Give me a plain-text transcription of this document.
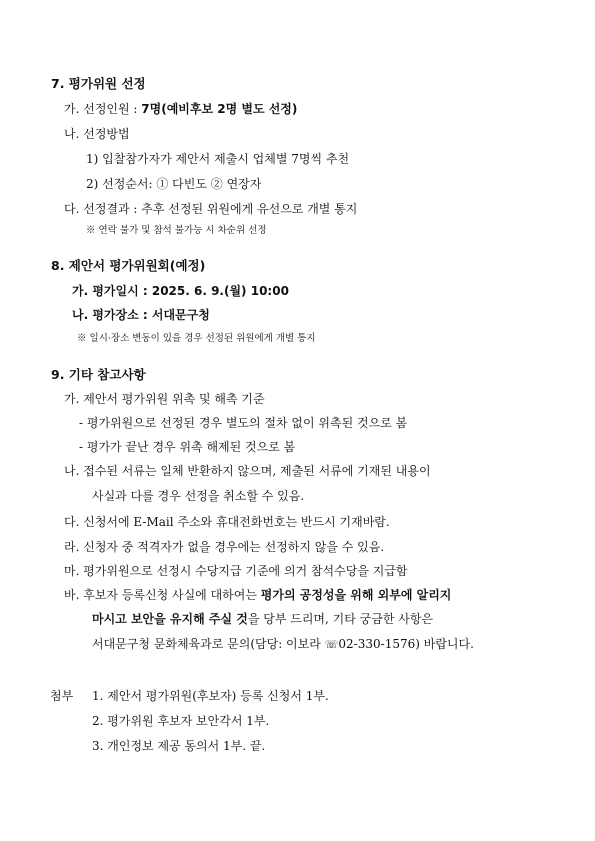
7. 평가위원 선정
가. 선정인원 : 7명(예비후보 2명 별도 선정)
나. 선정방법
1) 입찰참가자가 제안서 제출시 업체별 7명씩 추천
2) 선정순서: ① 다빈도 ② 연장자
다. 선정결과 : 추후 선정된 위원에게 유선으로 개별 통지
※ 연락 불가 및 참석 불가능 시 차순위 선정
8. 제안서 평가위원회(예정)
가. 평가일시 : 2025. 6. 9.(월) 10:00
나. 평가장소 : 서대문구청
※ 일시·장소 변동이 있을 경우 선정된 위원에게 개별 통지
9. 기타 참고사항
가. 제안서 평가위원 위촉 및 해촉 기준
- 평가위원으로 선정된 경우 별도의 절차 없이 위촉된 것으로 봄
- 평가가 끝난 경우 위촉 해제된 것으로 봄
나. 접수된 서류는 일체 반환하지 않으며, 제출된 서류에 기재된 내용이
사실과 다를 경우 선정을 취소할 수 있음.
다. 신청서에 E-Mail 주소와 휴대전화번호는 반드시 기재바람.
라. 신청자 중 적격자가 없을 경우에는 선정하지 않을 수 있음.
마. 평가위원으로 선정시 수당지급 기준에 의거 참석수당을 지급함
바. 후보자 등록신청 사실에 대하여는 평가의 공정성을 위해 외부에 알리지
마시고 보안을 유지해 주실 것을 당부 드리며, 기타 궁금한 사항은
서대문구청 문화체육과로 문의(담당: 이보라 ☏02-330-1576) 바랍니다.
첨부 1. 제안서 평가위원(후보자) 등록 신청서 1부.
2. 평가위원 후보자 보안각서 1부.
3. 개인정보 제공 동의서 1부. 끝.
